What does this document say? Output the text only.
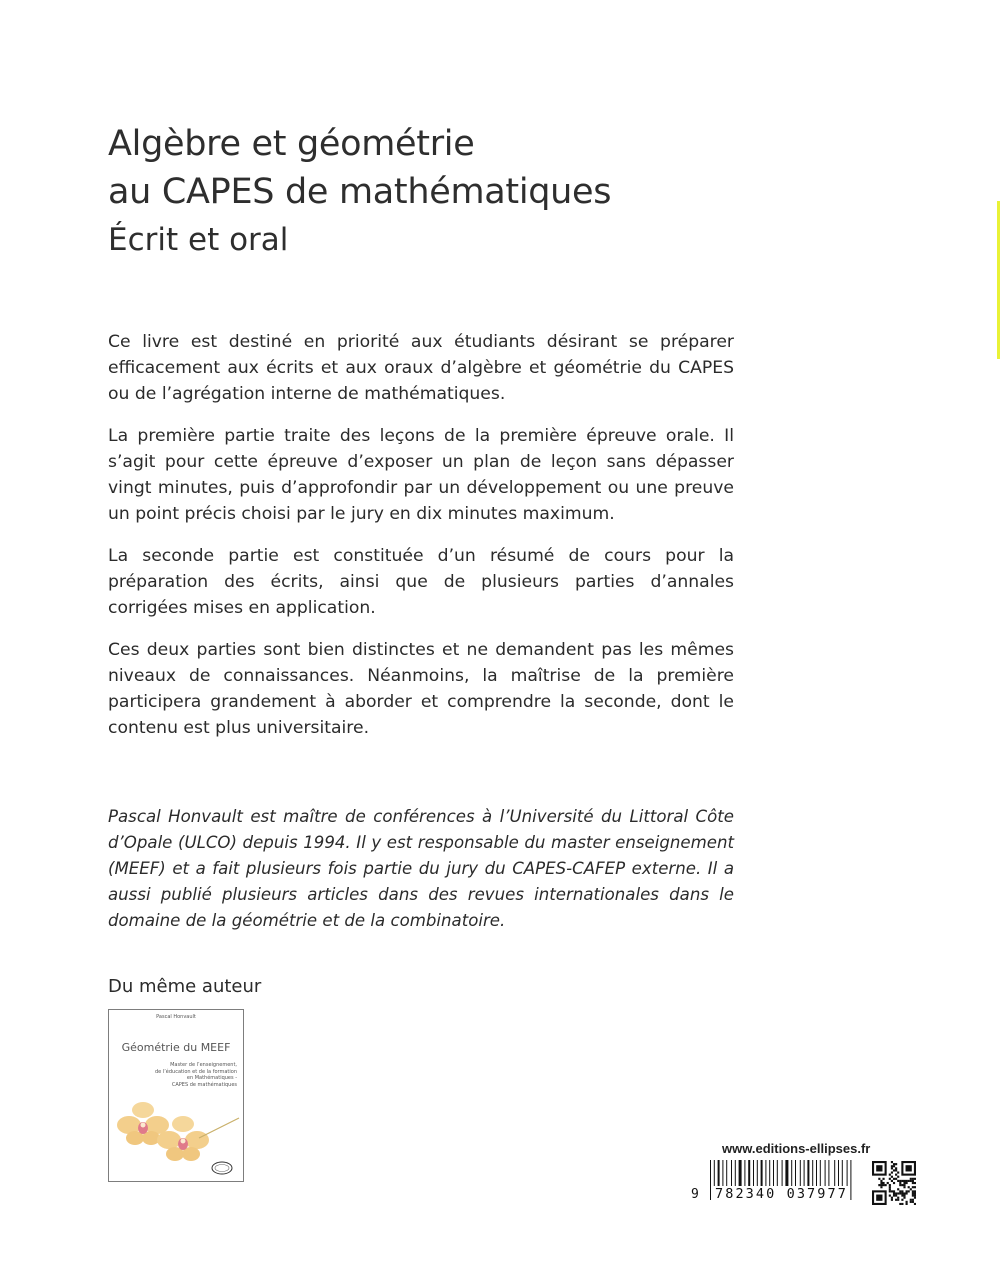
Algèbre et géométrie
au CAPES de mathématiques
Écrit et oral

Ce livre est destiné en priorité aux étudiants désirant se préparer efficacement aux écrits et aux oraux d’algèbre et géométrie du CAPES ou de l’agrégation interne de mathématiques.

La première partie traite des leçons de la première épreuve orale. Il s’agit pour cette épreuve d’exposer un plan de leçon sans dépasser vingt minutes, puis d’approfondir par un développement ou une preuve un point précis choisi par le jury en dix minutes maximum.

La seconde partie est constituée d’un résumé de cours pour la préparation des écrits, ainsi que de plusieurs parties d’annales corrigées mises en application.

Ces deux parties sont bien distinctes et ne demandent pas les mêmes niveaux de connaissances. Néanmoins, la maîtrise de la première participera grandement à aborder et comprendre la seconde, dont le contenu est plus universitaire.

Pascal Honvault est maître de conférences à l’Université du Littoral Côte d’Opale (ULCO) depuis 1994. Il y est responsable du master enseignement (MEEF) et a fait plusieurs fois partie du jury du CAPES-CAFEP externe. Il a aussi publié plusieurs articles dans des revues internationales dans le domaine de la géométrie et de la combinatoire.
Du même auteur
Pascal Honvault
Géométrie du MEEF
Master de l’enseignement,
de l’éducation et de la formation
en Mathématiques -
CAPES de mathématiques
www.editions-ellipses.fr
9 782340 037977
